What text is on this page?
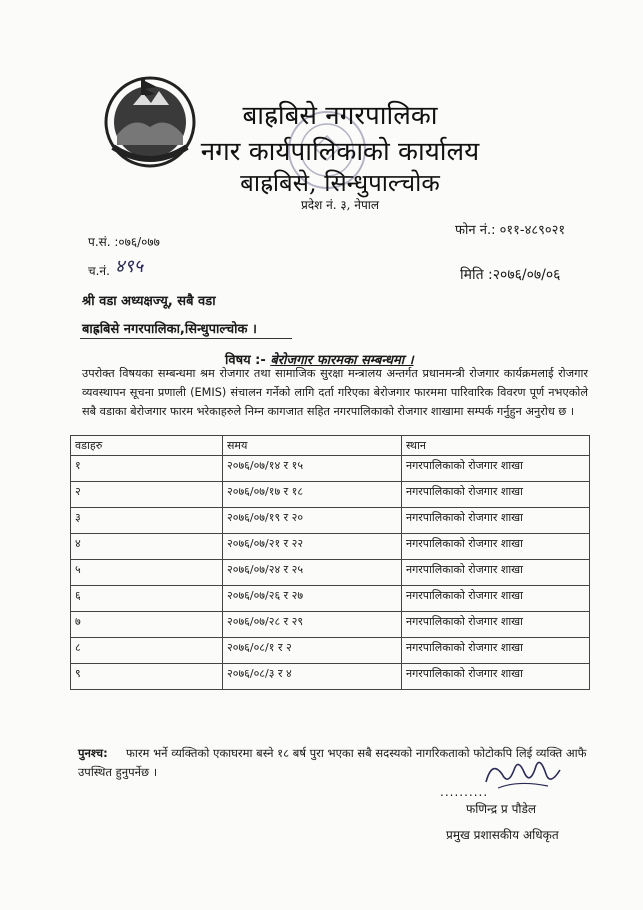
बाह्रबिसे नगरपालिका
नगर कार्यपालिकाको कार्यालय
बाह्रबिसे, सिन्धुपाल्चोक
प्रदेश नं. ३, नेपाल
फोन नं.: ०११-४८९०२१
प.सं. :०७६/०७७
च.नं. ४९५	मिति :२०७६/०७/०६
श्री वडा अध्यक्षज्यू, सबै वडा
बाह्रबिसे नगरपालिका,सिन्धुपाल्चोक ।
विषय :- बेरोजगार फारमका सम्बन्धमा ।
उपरोक्त विषयका सम्बन्धमा श्रम रोजगार तथा सामाजिक सुरक्षा मन्त्रालय अन्तर्गत प्रधानमन्त्री रोजगार कार्यक्रमलाई रोजगार व्यवस्थापन सूचना प्रणाली (EMIS) संचालन गर्नेको लागि दर्ता गरिएका बेरोजगार फारममा पारिवारिक विवरण पूर्ण नभएकोले सबै वडाका बेरोजगार फारम भरेकाहरुले निम्न कागजात सहित नगरपालिकाको रोजगार शाखामा सम्पर्क गर्नुहुन अनुरोध छ ।
वडाहरु	समय	स्थान
१	२०७६/०७/१४ र १५	नगरपालिकाको रोजगार शाखा
२	२०७६/०७/१७ र १८	नगरपालिकाको रोजगार शाखा
३	२०७६/०७/१९ र २०	नगरपालिकाको रोजगार शाखा
४	२०७६/०७/२१ र २२	नगरपालिकाको रोजगार शाखा
५	२०७६/०७/२४ र २५	नगरपालिकाको रोजगार शाखा
६	२०७६/०७/२६ र २७	नगरपालिकाको रोजगार शाखा
७	२०७६/०७/२८ र २९	नगरपालिकाको रोजगार शाखा
८	२०७६/०८/१ र २	नगरपालिकाको रोजगार शाखा
९	२०७६/०८/३ र ४	नगरपालिकाको रोजगार शाखा
पुनश्च: फारम भर्ने व्यक्तिको एकाघरमा बस्ने १८ बर्ष पुरा भएका सबै सदस्यको नागरिकताको फोटोकपि लिई व्यक्ति आफै उपस्थित हुनुपर्नेछ ।
..........
फणिन्द्र प्र पौडेल
प्रमुख प्रशासकीय अधिकृत
